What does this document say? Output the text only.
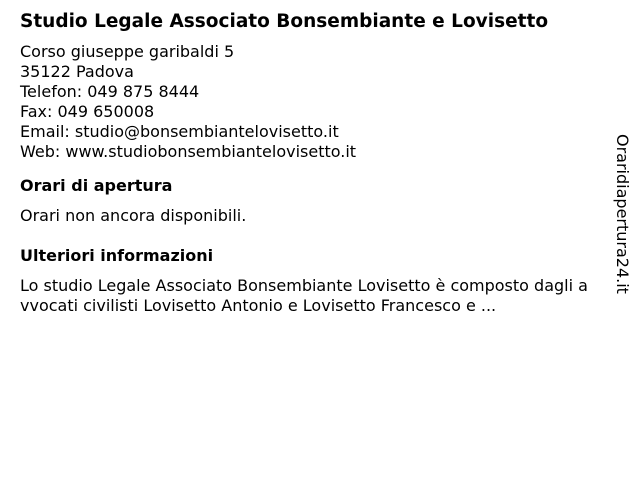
Studio Legale Associato Bonsembiante e Lovisetto
Corso giuseppe garibaldi 5
35122 Padova
Telefon: 049 875 8444
Fax: 049 650008
Email: studio@bonsembiantelovisetto.it
Web: www.studiobonsembiantelovisetto.it
Orari di apertura
Orari non ancora disponibili.
Ulteriori informazioni
Lo studio Legale Associato Bonsembiante Lovisetto è composto dagli avvocati civilisti Lovisetto Antonio e Lovisetto Francesco e ...
Oraridiapertura24.it
